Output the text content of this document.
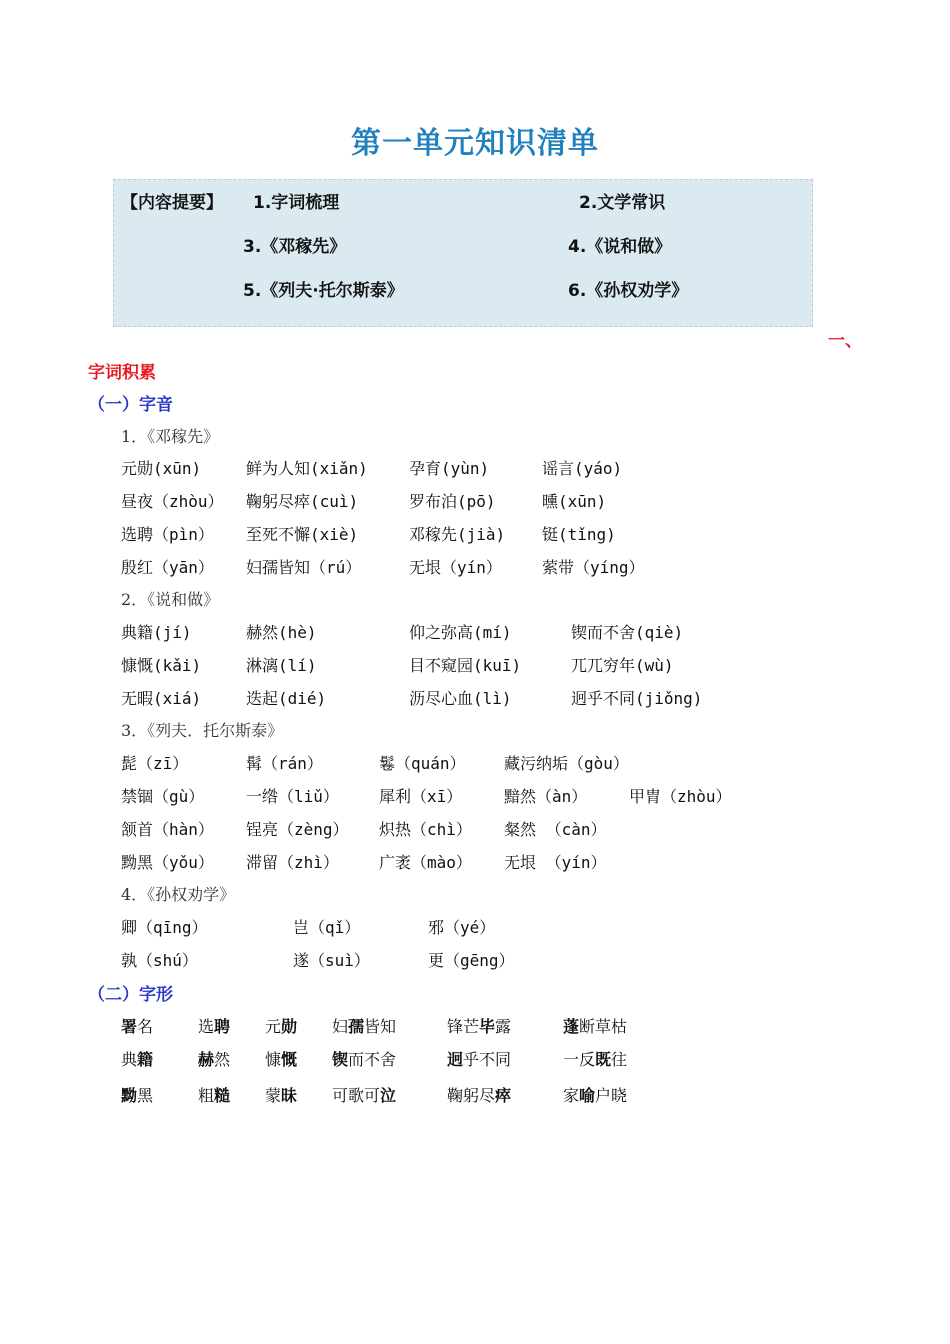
第一单元知识清单
【内容提要】 1.字词梳理	2.文学常识
3.《邓稼先》	4.《说和做》
5.《列夫·托尔斯泰》	6.《孙权劝学》
一、
字词积累
（一）字音
1．《邓稼先》
元勋(xūn)	鲜为人知(xiǎn)	孕育(yùn)	谣言(yáo)
昼夜（zhòu） 鞠躬尽瘁(cuì)	罗布泊(pō)	曛(xūn)
选聘（pìn） 至死不懈(xiè)	邓稼先(jià) 铤(tǐng)
殷红（yān） 妇孺皆知（rú）	无垠（yín）	萦带（yíng）
2．《说和做》
典籍(jí)	赫然(hè)	仰之弥高(mí)	锲而不舍(qiè)
慷慨(kǎi)	淋漓(lí)	目不窥园(kuī)	兀兀穷年(wù)
无暇(xiá)	迭起(dié)	沥尽心血(lì)	迥乎不同(jiǒng)
3．《列夫．托尔斯泰》
髭（zī）	髯（rán）	鬈（quán） 藏污纳垢（gòu）
禁锢（gù）	一绺（liǔ）	犀利（xī）	黯然（àn）	甲胄（zhòu）
颔首（hàn） 锃亮（zèng） 炽热（chì） 粲然 （càn）
黝黑（yǒu） 滞留（zhì）	广袤（mào） 无垠 （yín）
4．《孙权劝学》
卿（qīng）	岂（qǐ）	邪（yé）
孰（shú）	遂（suì）	更（gēng）
（二）字形
署名	选聘 元勋 妇孺皆知	锋芒毕露	蓬断草枯
典籍	赫然 慷慨 锲而不舍	迥乎不同	一反既往
黝黑	粗糙 蒙昧 可歌可泣	鞠躬尽瘁	家喻户晓
